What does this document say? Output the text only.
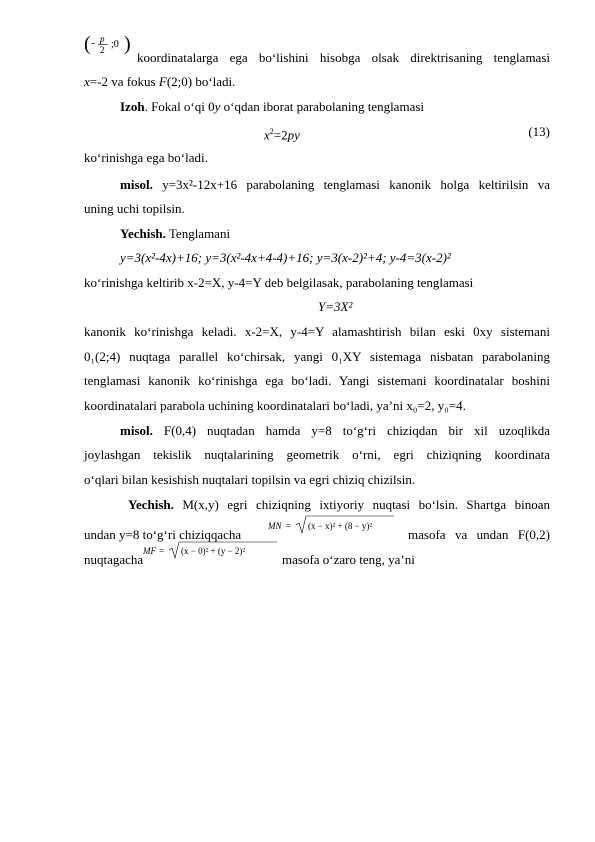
( - p
2 ;0 )
koordinatalarga ega bo‘lishini hisobga olsak direktrisaning tenglamasi
x=-2 va fokus F(2;0) bo‘ladi.
Izoh. Fokal o‘qi 0y o‘qdan iborat parabolaning tenglamasi
$x^2=2py$	(13)
ko‘rinishga ega bo‘ladi.
misol. y=3x²-12x+16 parabolaning tenglamasi kanonik holga keltirilsin va
uning uchi topilsin.
Yechish. Tenglamani
y=3(x²-4x)+16; y=3(x²-4x+4-4)+16; y=3(x-2)²+4; y-4=3(x-2)²
ko‘rinishga keltirib x-2=X, y-4=Y deb belgilasak, parabolaning tenglamasi
Y=3X²
kanonik ko‘rinishga keladi. x-2=X, y-4=Y alamashtirish bilan eski 0xy sistemani
0₁(2;4) nuqtaga parallel ko‘chirsak, yangi 0₁XY sistemaga nisbatan parabolaning
tenglamasi kanonik ko‘rinishga ega bo‘ladi. Yangi sistemani koordinatalar boshini
koordinatalari parabola uchining koordinatalari bo‘ladi, ya’ni x₀=2, y₀=4.
misol. F(0,4) nuqtadan hamda y=8 to‘g‘ri chiziqdan bir xil uzoqlikda
joylashgan tekislik nuqtalarining geometrik o‘rni, egri chiziqning koordinata
o‘qlari bilan kesishish nuqtalari topilsin va egri chiziq chizilsin.
Yechish. M(x,y) egri chiziqning ixtiyoriy nuqtasi bo‘lsin. Shartga binoan
undan y=8 to‘g‘ri chiziqqacha
MN = (x − x)² + (8 − y)²
masofa va undan F(0,2)
nuqtagacha
MF = (x − 0)² + (y − 2)²
masofa o‘zaro teng, ya’ni
